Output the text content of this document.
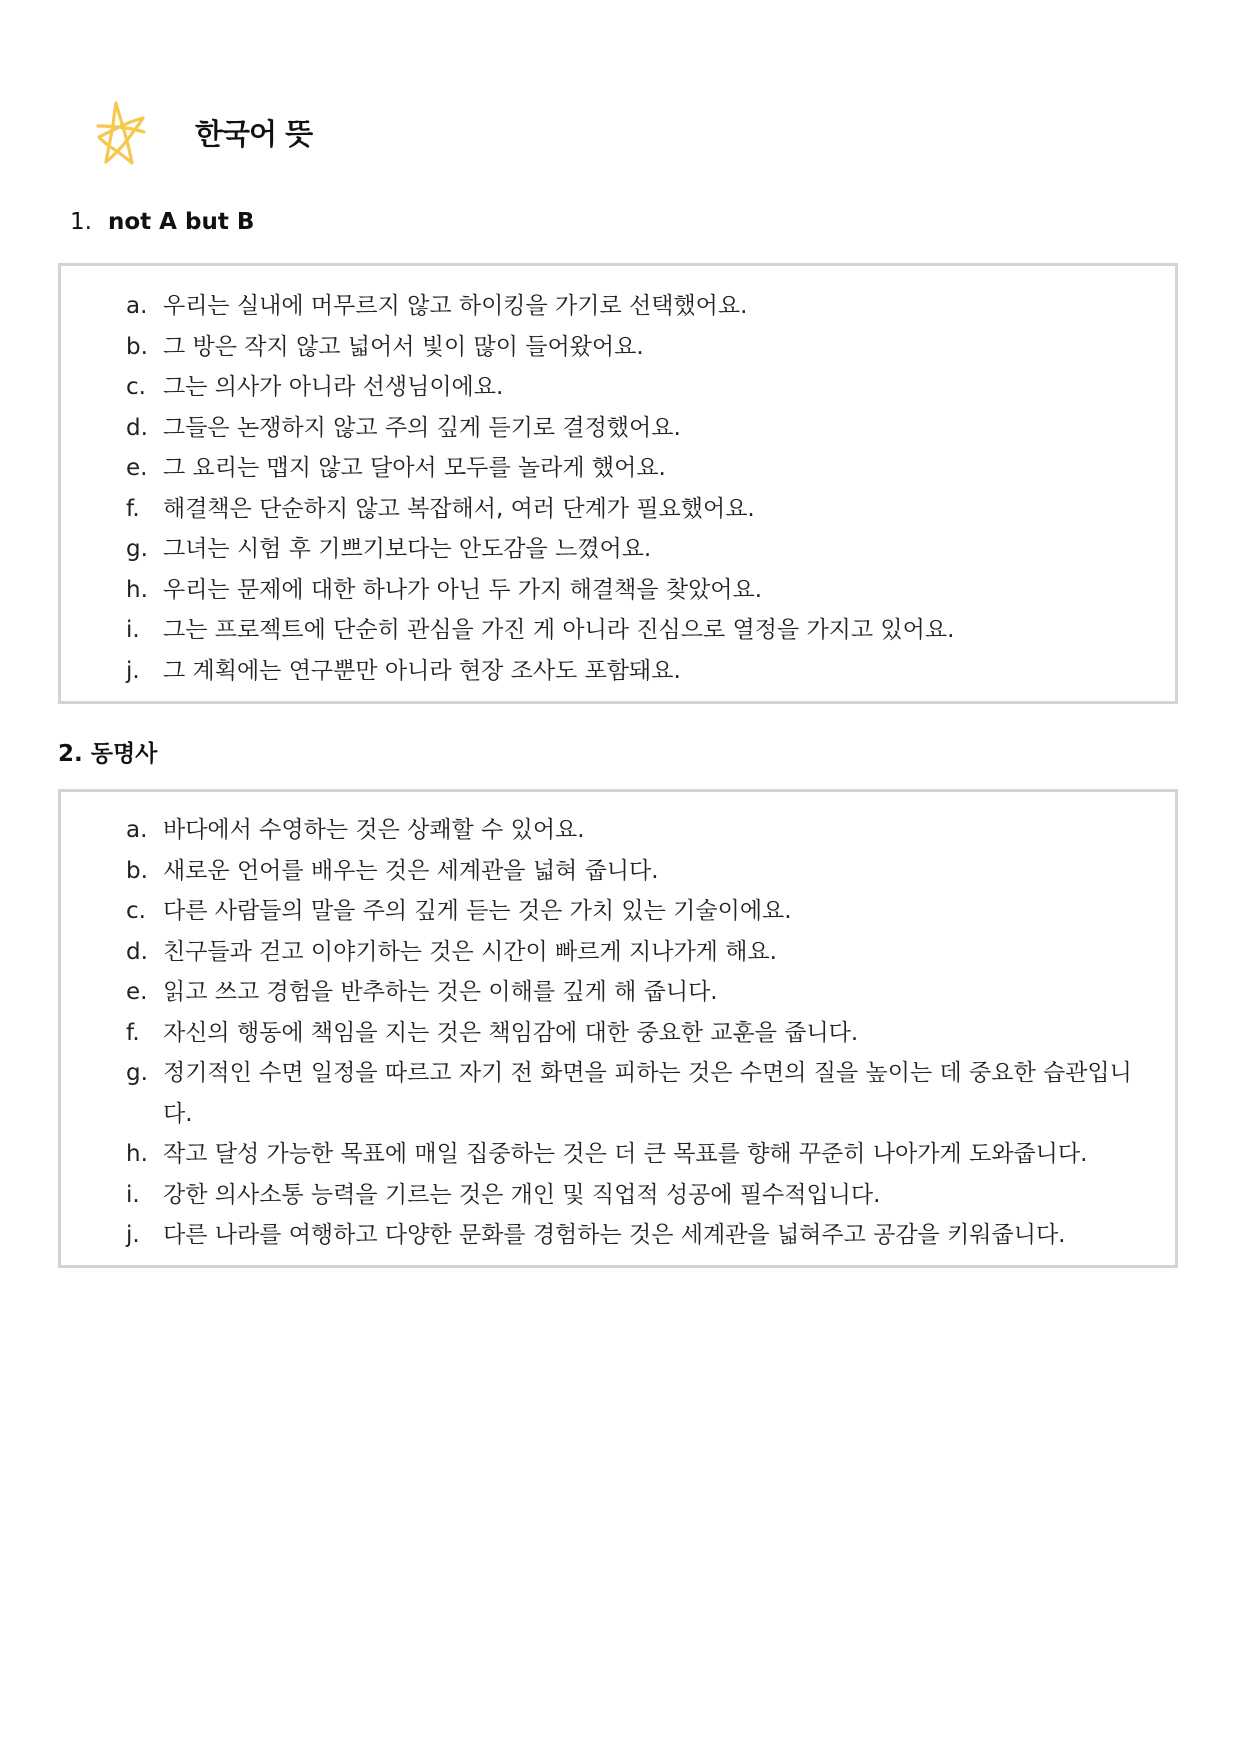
한국어 뜻
1. not A but B
a. 우리는 실내에 머무르지 않고 하이킹을 가기로 선택했어요.
b. 그 방은 작지 않고 넓어서 빛이 많이 들어왔어요.
c. 그는 의사가 아니라 선생님이에요.
d. 그들은 논쟁하지 않고 주의 깊게 듣기로 결정했어요.
e. 그 요리는 맵지 않고 달아서 모두를 놀라게 했어요.
f.	해결책은 단순하지 않고 복잡해서, 여러 단계가 필요했어요.
g. 그녀는 시험 후 기쁘기보다는 안도감을 느꼈어요.
h. 우리는 문제에 대한 하나가 아닌 두 가지 해결책을 찾았어요.
i.	그는 프로젝트에 단순히 관심을 가진 게 아니라 진심으로 열정을 가지고 있어요.
j.	그 계획에는 연구뿐만 아니라 현장 조사도 포함돼요.
2. 동명사
a. 바다에서 수영하는 것은 상쾌할 수 있어요.
b. 새로운 언어를 배우는 것은 세계관을 넓혀 줍니다.
c. 다른 사람들의 말을 주의 깊게 듣는 것은 가치 있는 기술이에요.
d. 친구들과 걷고 이야기하는 것은 시간이 빠르게 지나가게 해요.
e. 읽고 쓰고 경험을 반추하는 것은 이해를 깊게 해 줍니다.
f.	자신의 행동에 책임을 지는 것은 책임감에 대한 중요한 교훈을 줍니다.
g. 정기적인 수면 일정을 따르고 자기 전 화면을 피하는 것은 수면의 질을 높이는 데 중요한 습관입니다.
h. 작고 달성 가능한 목표에 매일 집중하는 것은 더 큰 목표를 향해 꾸준히 나아가게 도와줍니다.
i.	강한 의사소통 능력을 기르는 것은 개인 및 직업적 성공에 필수적입니다.
j.	다른 나라를 여행하고 다양한 문화를 경험하는 것은 세계관을 넓혀주고 공감을 키워줍니다.
